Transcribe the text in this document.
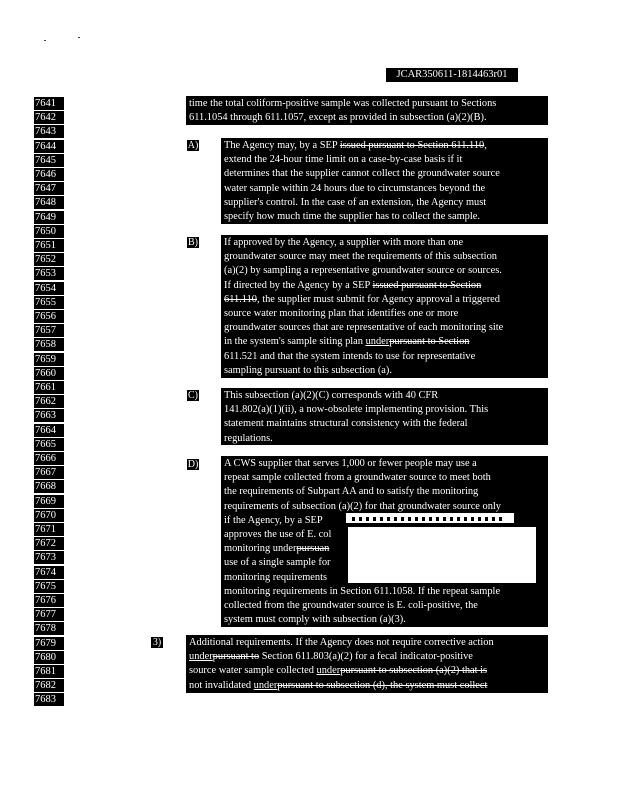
JCAR350611-1814463r01
7641
7642
7643
7644
7645
7646
7647
7648
7649
7650
7651
7652
7653
7654
7655
7656
7657
7658
7659
7660
7661
7662
7663
7664
7665
7666
7667
7668
7669
7670
7671
7672
7673
7674
7675
7676
7677
7678
7679
7680
7681
7682
7683
time the total coliform-positive sample was collected pursuant to Sections
611.1054 through 611.1057, except as provided in subsection (a)(2)(B).
A) The Agency may, by a SEP issued pursuant to Section 611.110,
extend the 24-hour time limit on a case-by-case basis if it
determines that the supplier cannot collect the groundwater source
water sample within 24 hours due to circumstances beyond the
supplier's control. In the case of an extension, the Agency must
specify how much time the supplier has to collect the sample.
B)	If approved by the Agency, a supplier with more than one
groundwater source may meet the requirements of this subsection
(a)(2) by sampling a representative groundwater source or sources.
If directed by the Agency by a SEP issued pursuant to Section
611.110, the supplier must submit for Agency approval a triggered
source water monitoring plan that identifies one or more
groundwater sources that are representative of each monitoring site
in the system's sample siting plan underpursuant to Section
611.521 and that the system intends to use for representative
sampling pursuant to this subsection (a).
C)	This subsection (a)(2)(C) corresponds with 40 CFR
141.802(a)(1)(ii), a now-obsolete implementing provision. This
statement maintains structural consistency with the federal
regulations.
D) A CWS supplier that serves 1,000 or fewer people may use a
repeat sample collected from a groundwater source to meet both
the requirements of Subpart AA and to satisfy the monitoring
requirements of subsection (a)(2) for that groundwater source only
if the Agency, by a SEP
approves the use of E. col
monitoring underpursuan
use of a single sample for
monitoring requirements
monitoring requirements in Section 611.1058. If the repeat sample
collected from the groundwater source is E. coli-positive, the
system must comply with subsection (a)(3).
3)	Additional requirements. If the Agency does not require corrective action
underpursuant to Section 611.803(a)(2) for a fecal indicator-positive
source water sample collected underpursuant to subsection (a)(2) that is
not invalidated underpursuant to subsection (d), the system must collect
